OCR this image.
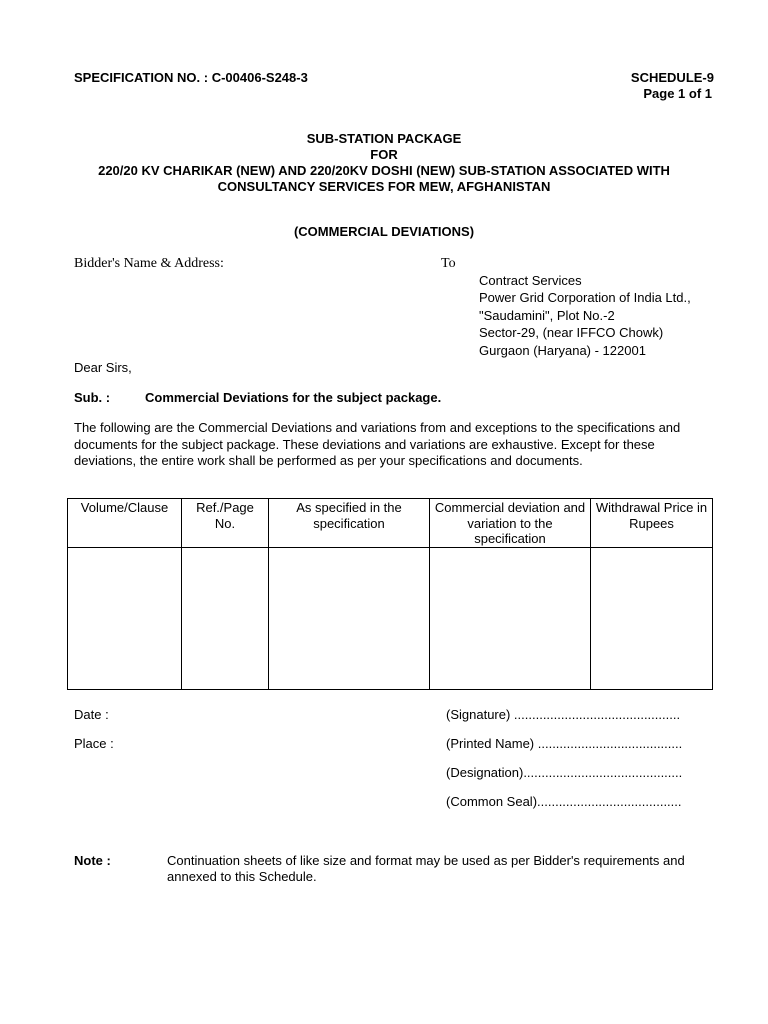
SPECIFICATION NO. : C-00406-S248-3	SCHEDULE-9
Page 1 of 1
SUB-STATION PACKAGE
FOR
220/20 KV CHARIKAR (NEW) AND 220/20KV DOSHI (NEW) SUB-STATION ASSOCIATED WITH
CONSULTANCY SERVICES FOR MEW, AFGHANISTAN
(COMMERCIAL DEVIATIONS)
Bidder's Name & Address:	To
Contract Services
Power Grid Corporation of India Ltd.,
"Saudamini", Plot No.-2
Sector-29, (near IFFCO Chowk)
Gurgaon (Haryana) - 122001
Dear Sirs,
Sub. :	Commercial Deviations for the subject package.
The following are the Commercial Deviations and variations from and exceptions to the specifications and documents for the subject package. These deviations and variations are exhaustive. Except for these deviations, the entire work shall be performed as per your specifications and documents.
Volume/Clause	Ref./Page No.	As specified in the specification	Commercial deviation and variation to the specification	Withdrawal Price in Rupees

Date :
Place :
(Signature) ..............................................
(Printed Name) ........................................
(Designation)............................................
(Common Seal)........................................
Note :	Continuation sheets of like size and format may be used as per Bidder's requirements and annexed to this Schedule.
